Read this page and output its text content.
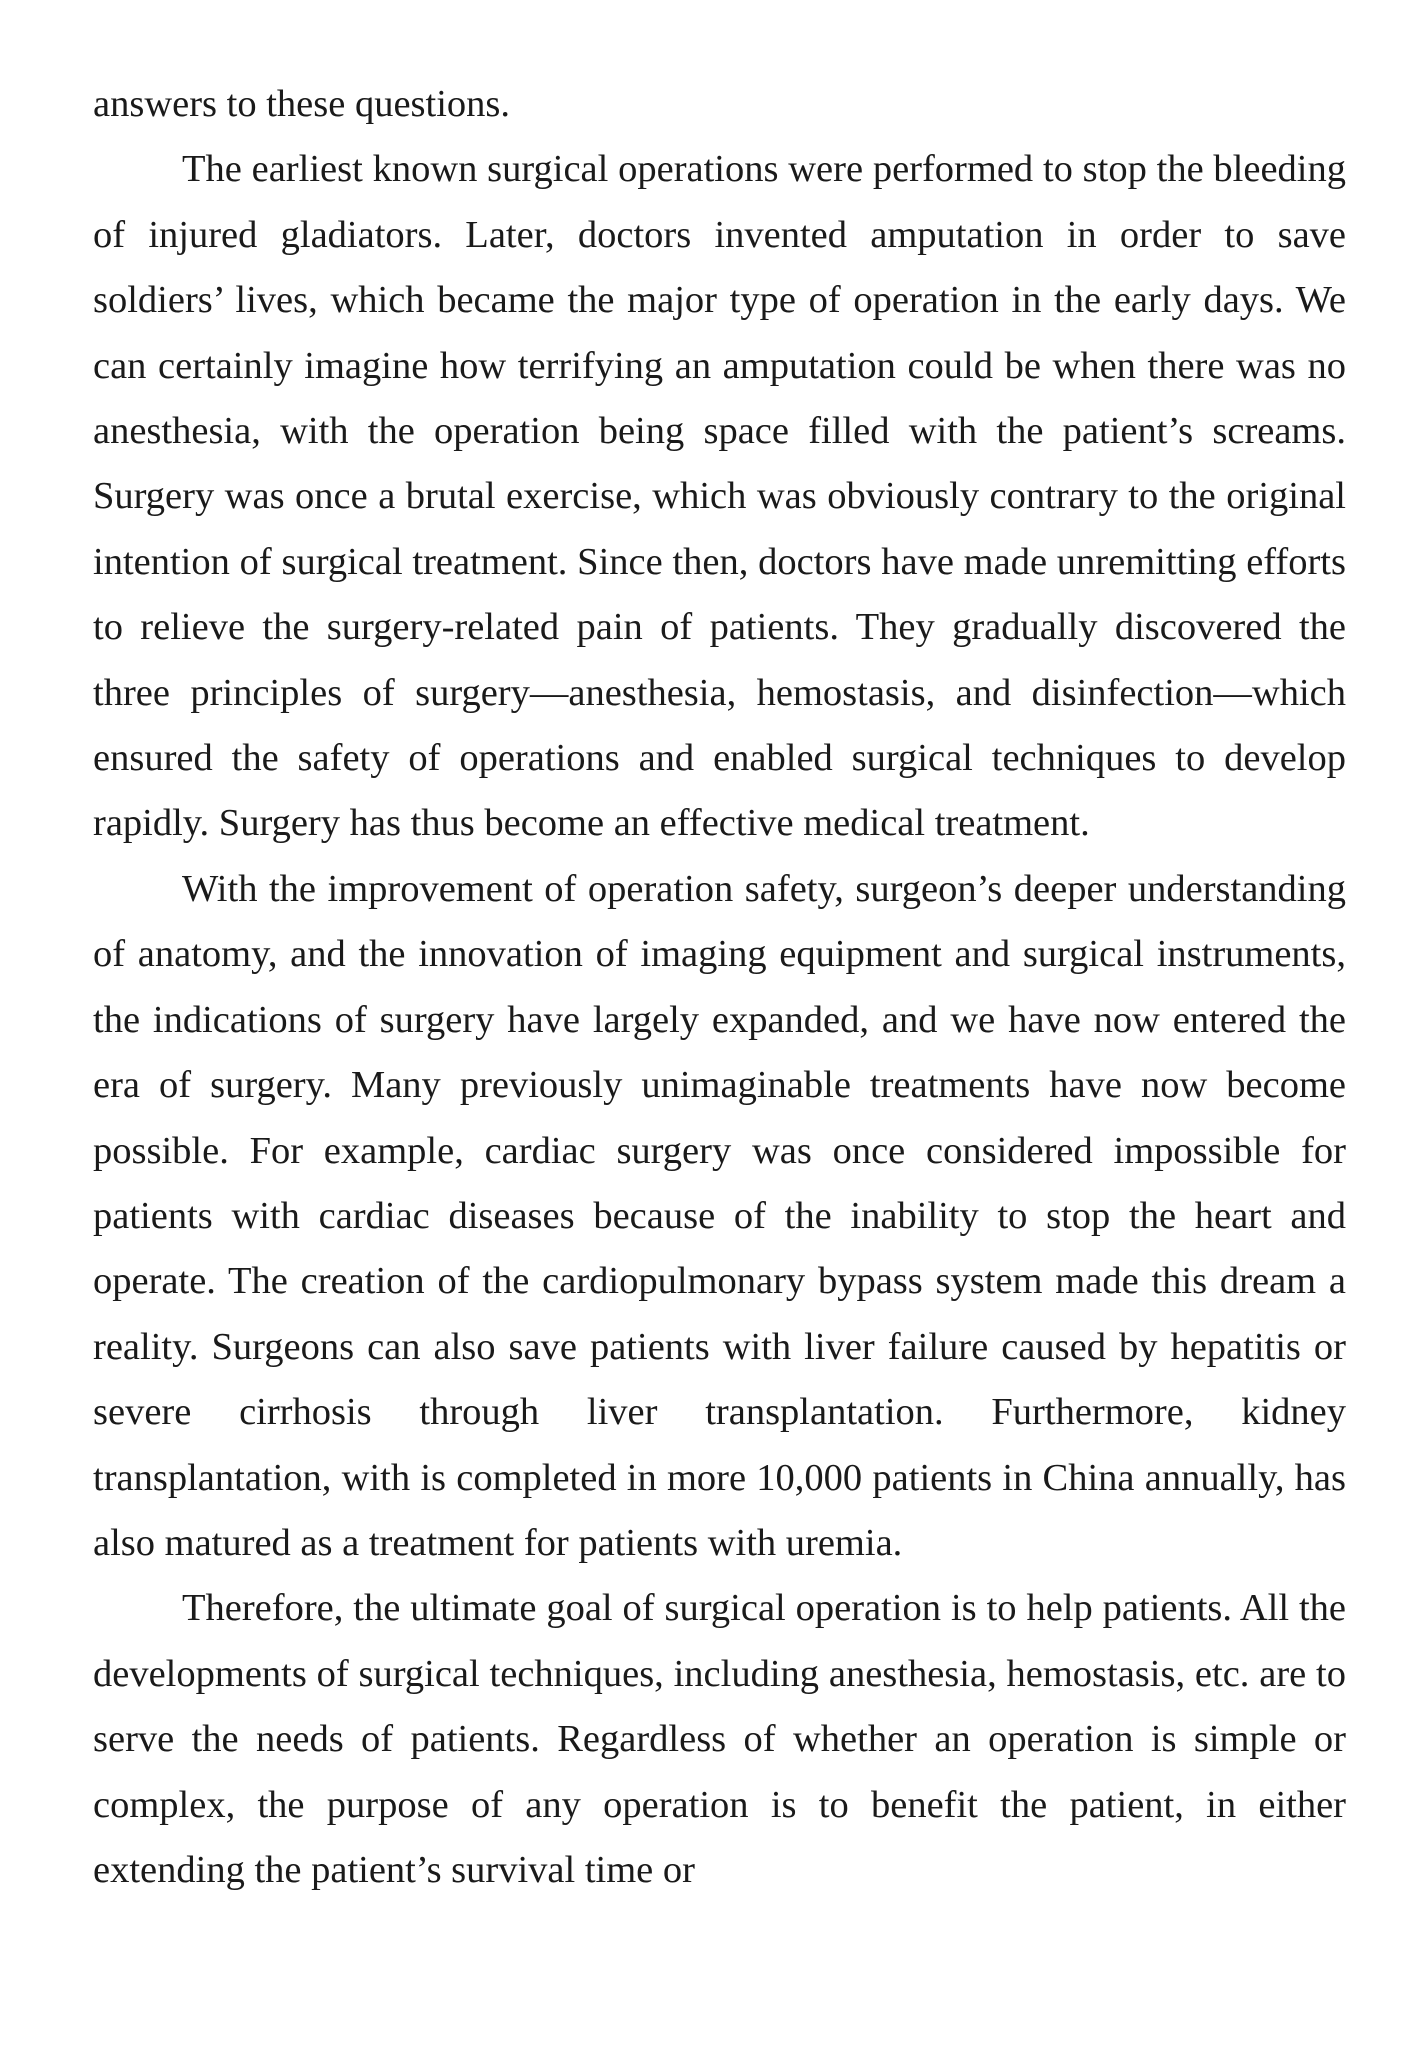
answers to these questions.

The earliest known surgical operations were performed to stop the bleeding of injured gladiators. Later, doctors invented amputation in order to save soldiers’ lives, which became the major type of operation in the early days. We can certainly imagine how terrifying an amputation could be when there was no anesthesia, with the operation being space filled with the patient’s screams. Surgery was once a brutal exercise, which was obviously contrary to the original intention of surgical treatment. Since then, doctors have made unremitting efforts to relieve the surgery-related pain of patients. They gradually discovered the three principles of surgery—anesthesia, hemostasis, and disinfection—which ensured the safety of operations and enabled surgical techniques to develop rapidly. Surgery has thus become an effective medical treatment.

With the improvement of operation safety, surgeon’s deeper understanding of anatomy, and the innovation of imaging equipment and surgical instruments, the indications of surgery have largely expanded, and we have now entered the era of surgery. Many previously unimaginable treatments have now become possible. For example, cardiac surgery was once considered impossible for patients with cardiac diseases because of the inability to stop the heart and operate. The creation of the cardiopulmonary bypass system made this dream a reality. Surgeons can also save patients with liver failure caused by hepatitis or severe cirrhosis through liver transplantation. Furthermore, kidney transplantation, with is completed in more 10,000 patients in China annually, has also matured as a treatment for patients with uremia.

Therefore, the ultimate goal of surgical operation is to help patients. All the developments of surgical techniques, including anesthesia, hemostasis, etc. are to serve the needs of patients. Regardless of whether an operation is simple or complex, the purpose of any operation is to benefit the patient, in either extending the patient’s survival time or
